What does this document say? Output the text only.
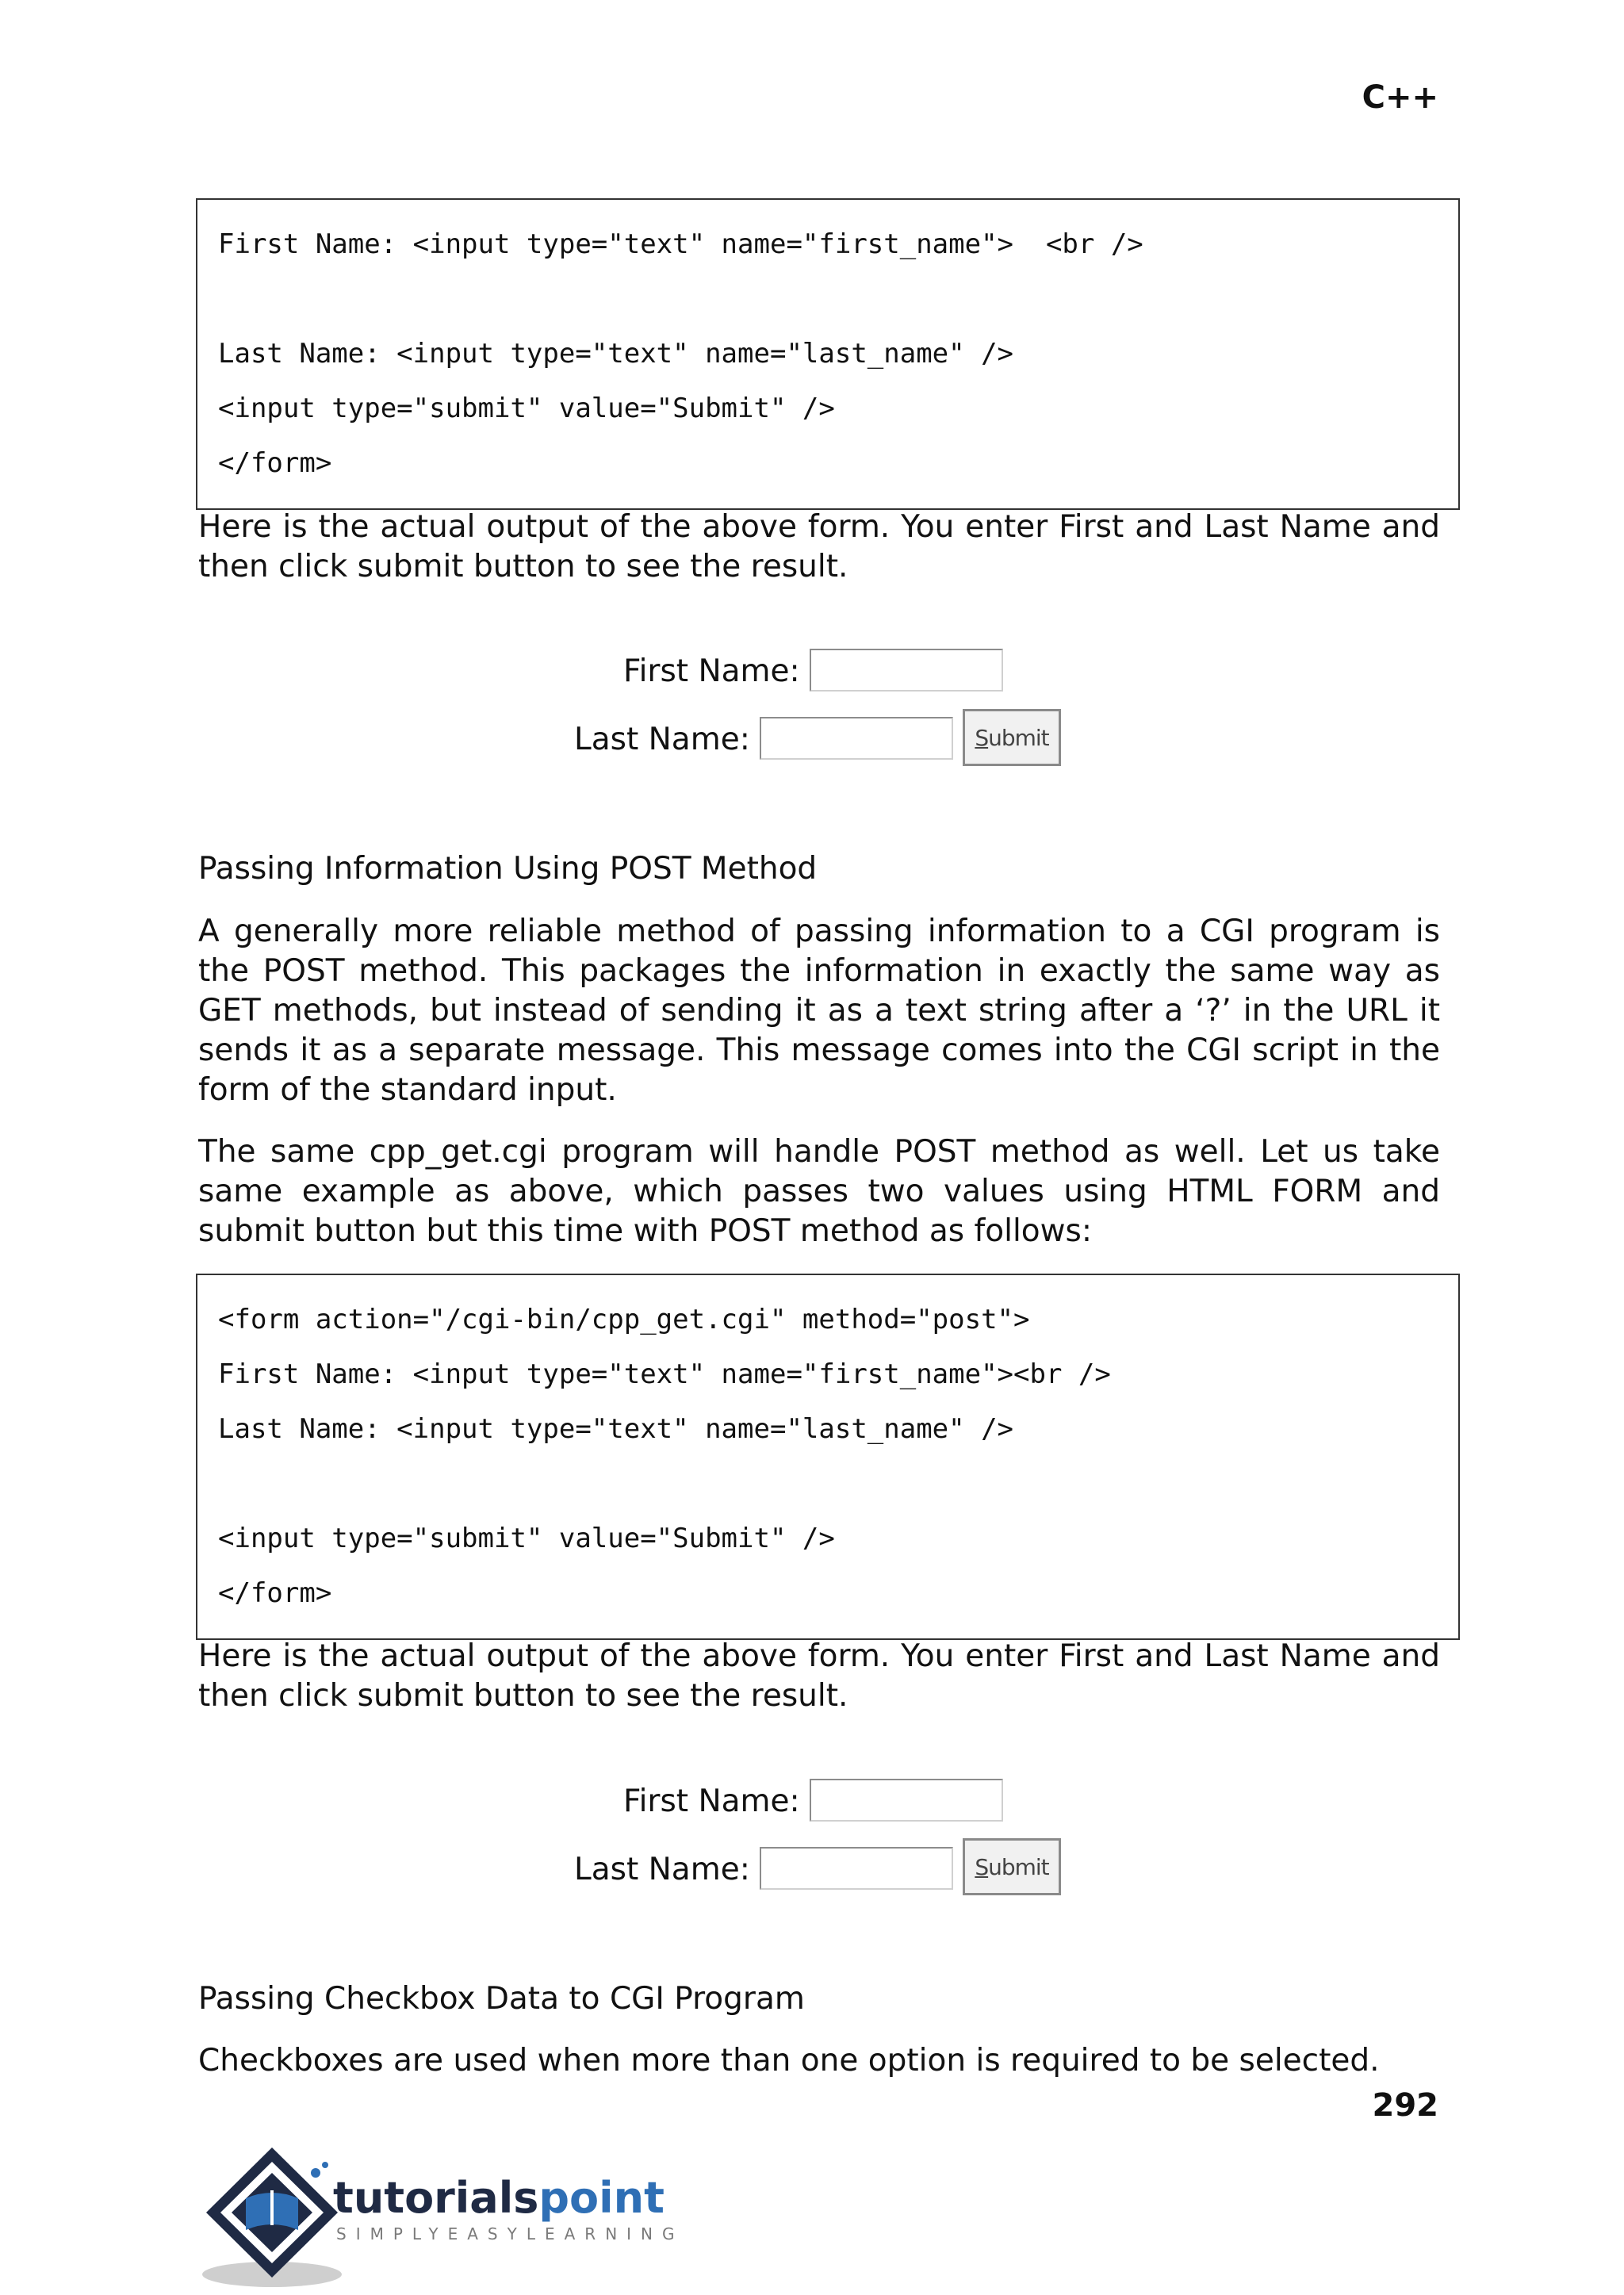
C++
First Name: <input type="text" name="first_name">  <br />
Last Name: <input type="text" name="last_name" />
<input type="submit" value="Submit" />
</form>
Here is the actual output of the above form. You enter First and Last Name and then click submit button to see the result.
First Name:
Last Name:	S ubmit
Passing Information Using POST Method
A generally more reliable method of passing information to a CGI program is the POST method. This packages the information in exactly the same way as GET methods, but instead of sending it as a text string after a ‘?’ in the URL it sends it as a separate message. This message comes into the CGI script in the form of the standard input.
The same cpp_get.cgi program will handle POST method as well. Let us take same example as above, which passes two values using HTML FORM and submit button but this time with POST method as follows:
<form action="/cgi-bin/cpp_get.cgi" method="post">
First Name: <input type="text" name="first_name"><br />
Last Name: <input type="text" name="last_name" />
<input type="submit" value="Submit" />
</form>
Here is the actual output of the above form. You enter First and Last Name and then click submit button to see the result.
First Name:
Last Name:	S ubmit
Passing Checkbox Data to CGI Program
Checkboxes are used when more than one option is required to be selected.
292
tutorials point
SIMPLYEASYLEARNING
